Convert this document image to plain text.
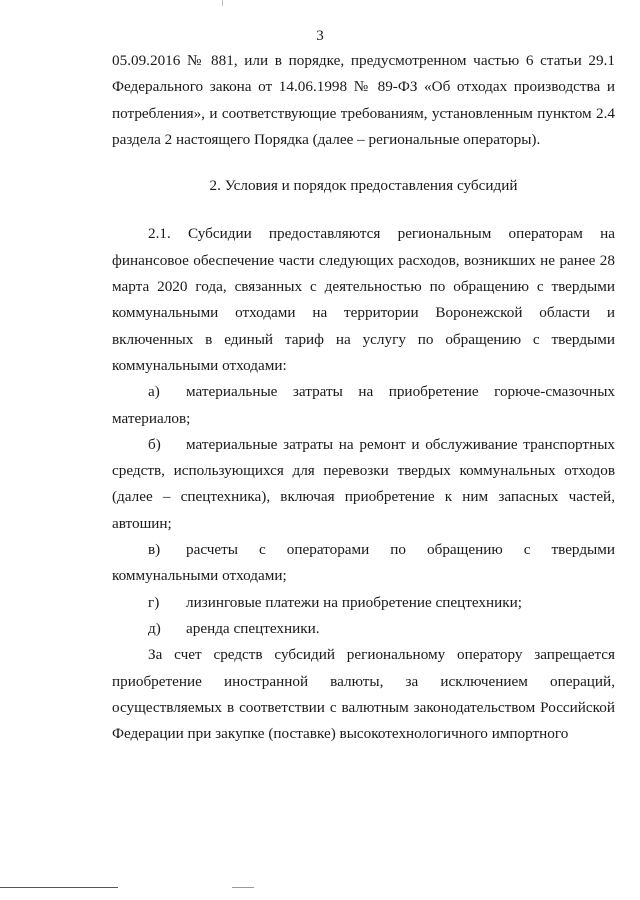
3

05.09.2016 № 881, или в порядке, предусмотренном частью 6 статьи 29.1 Федерального закона от 14.06.1998 № 89-ФЗ «Об отходах производства и потребления», и соответствующие требованиям, установленным пунктом 2.4 раздела 2 настоящего Порядка (далее – региональные операторы).

2. Условия и порядок предоставления субсидий

2.1. Субсидии предоставляются региональным операторам на финансовое обеспечение части следующих расходов, возникших не ранее 28 марта 2020 года, связанных с деятельностью по обращению с твердыми коммунальными отходами на территории Воронежской области и включенных в единый тариф на услугу по обращению с твердыми коммунальными отходами:

а) материальные затраты на приобретение горюче-смазочных материалов;

б) материальные затраты на ремонт и обслуживание транспортных средств, использующихся для перевозки твердых коммунальных отходов (далее – спецтехника), включая приобретение к ним запасных частей, автошин;

в) расчеты с операторами по обращению с твердыми коммунальными отходами;

г) лизинговые платежи на приобретение спецтехники;

д) аренда спецтехники.

За счет средств субсидий региональному оператору запрещается приобретение иностранной валюты, за исключением операций, осуществляемых в соответствии с валютным законодательством Российской Федерации при закупке (поставке) высокотехнологичного импортного
